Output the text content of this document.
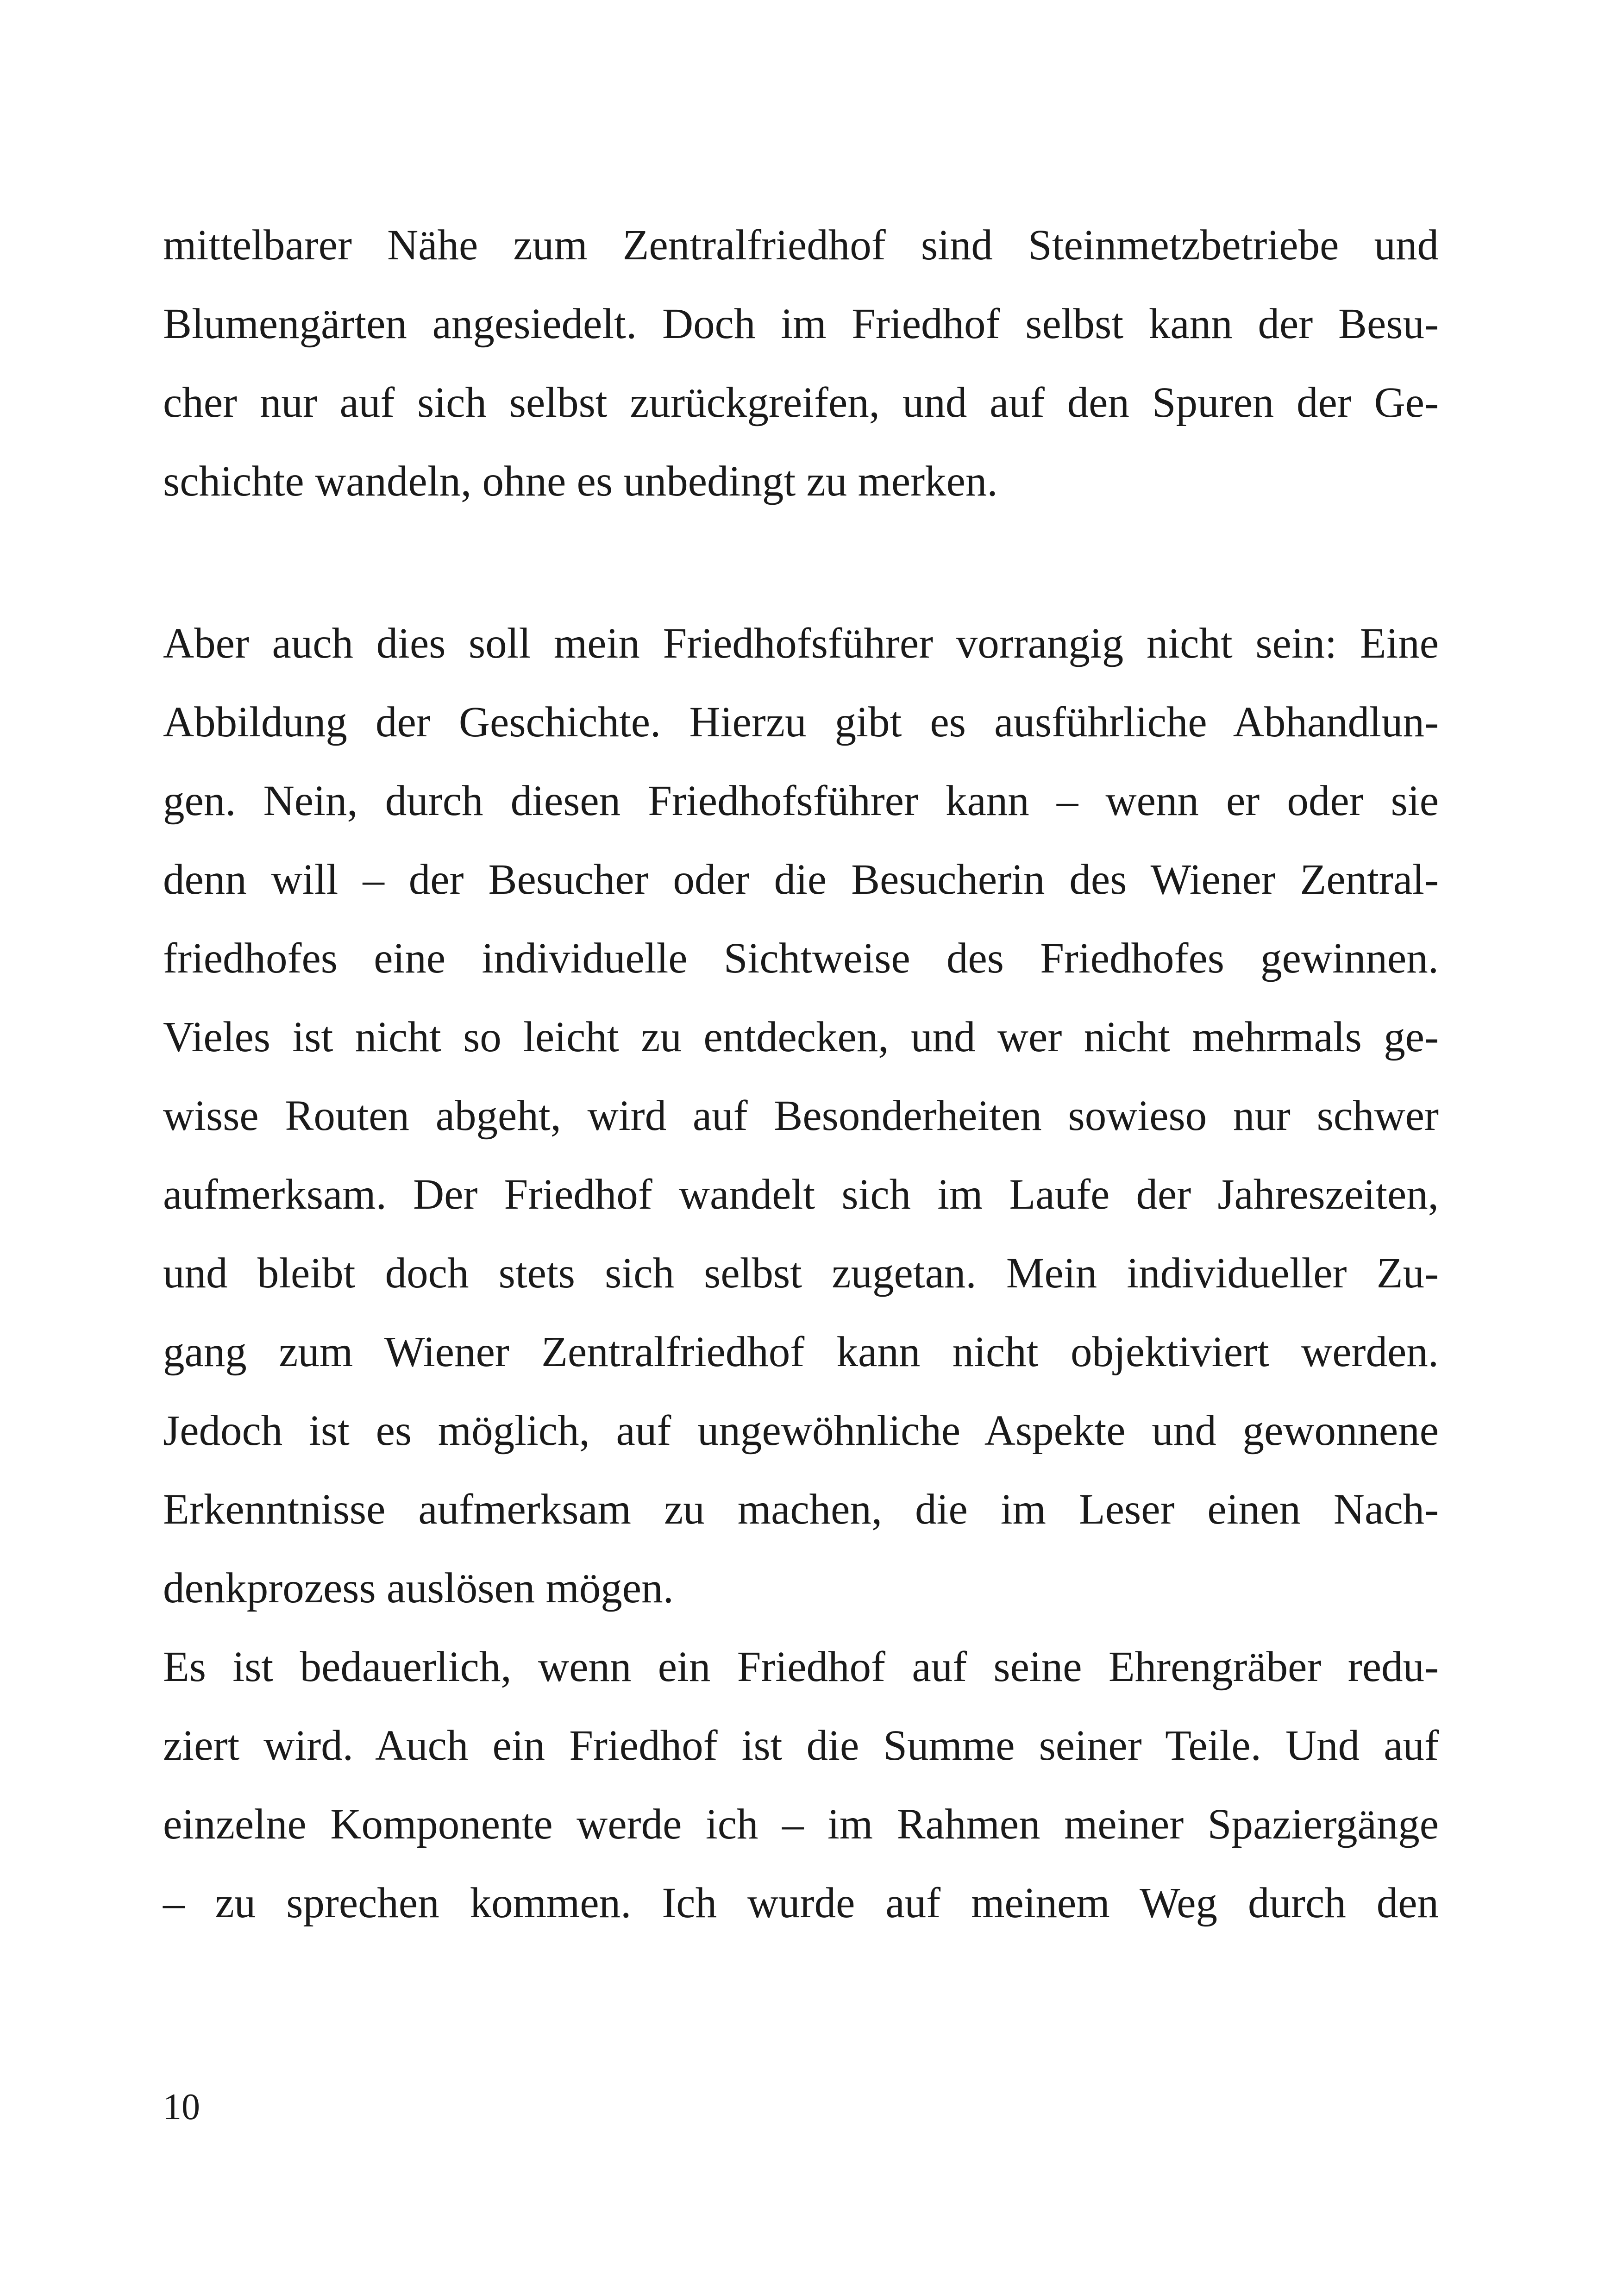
mittelbarer Nähe zum Zentralfriedhof sind Steinmetzbetriebe und
Blumengärten angesiedelt. Doch im Friedhof selbst kann der Besu-
cher nur auf sich selbst zurückgreifen, und auf den Spuren der Ge-
schichte wandeln, ohne es unbedingt zu merken.
Aber auch dies soll mein Friedhofsführer vorrangig nicht sein: Eine
Abbildung der Geschichte. Hierzu gibt es ausführliche Abhandlun-
gen. Nein, durch diesen Friedhofsführer kann – wenn er oder sie
denn will – der Besucher oder die Besucherin des Wiener Zentral-
friedhofes eine individuelle Sichtweise des Friedhofes gewinnen.
Vieles ist nicht so leicht zu entdecken, und wer nicht mehrmals ge-
wisse Routen abgeht, wird auf Besonderheiten sowieso nur schwer
aufmerksam. Der Friedhof wandelt sich im Laufe der Jahreszeiten,
und bleibt doch stets sich selbst zugetan. Mein individueller Zu-
gang zum Wiener Zentralfriedhof kann nicht objektiviert werden.
Jedoch ist es möglich, auf ungewöhnliche Aspekte und gewonnene
Erkenntnisse aufmerksam zu machen, die im Leser einen Nach-
denkprozess auslösen mögen.
Es ist bedauerlich, wenn ein Friedhof auf seine Ehrengräber redu-
ziert wird. Auch ein Friedhof ist die Summe seiner Teile. Und auf
einzelne Komponente werde ich – im Rahmen meiner Spaziergänge
– zu sprechen kommen. Ich wurde auf meinem Weg durch den
10
